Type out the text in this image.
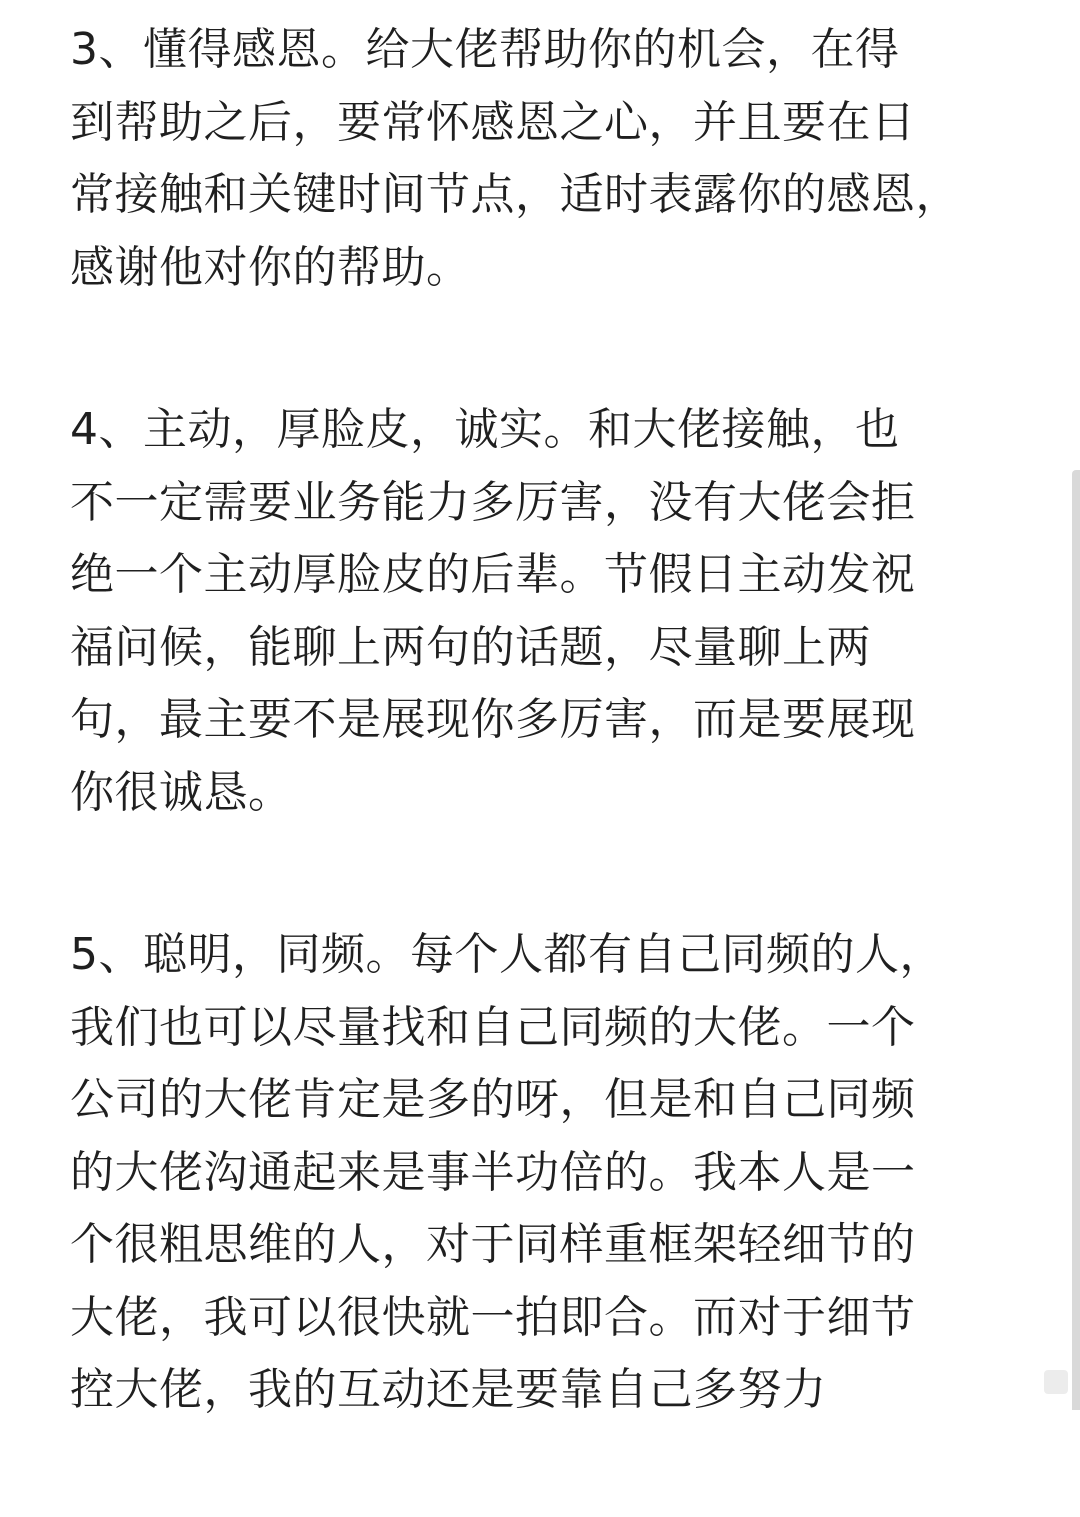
3、懂得感恩。给大佬帮助你的机会，在得
到帮助之后，要常怀感恩之心，并且要在日
常接触和关键时间节点，适时表露你的感恩，
感谢他对你的帮助。
4、主动，厚脸皮，诚实。和大佬接触，也
不一定需要业务能力多厉害，没有大佬会拒
绝一个主动厚脸皮的后辈。节假日主动发祝
福问候，能聊上两句的话题，尽量聊上两
句，最主要不是展现你多厉害，而是要展现
你很诚恳。
5、聪明，同频。每个人都有自己同频的人，
我们也可以尽量找和自己同频的大佬。一个
公司的大佬肯定是多的呀，但是和自己同频
的大佬沟通起来是事半功倍的。我本人是一
个很粗思维的人，对于同样重框架轻细节的
大佬，我可以很快就一拍即合。而对于细节
控大佬，我的互动还是要靠自己多努力
